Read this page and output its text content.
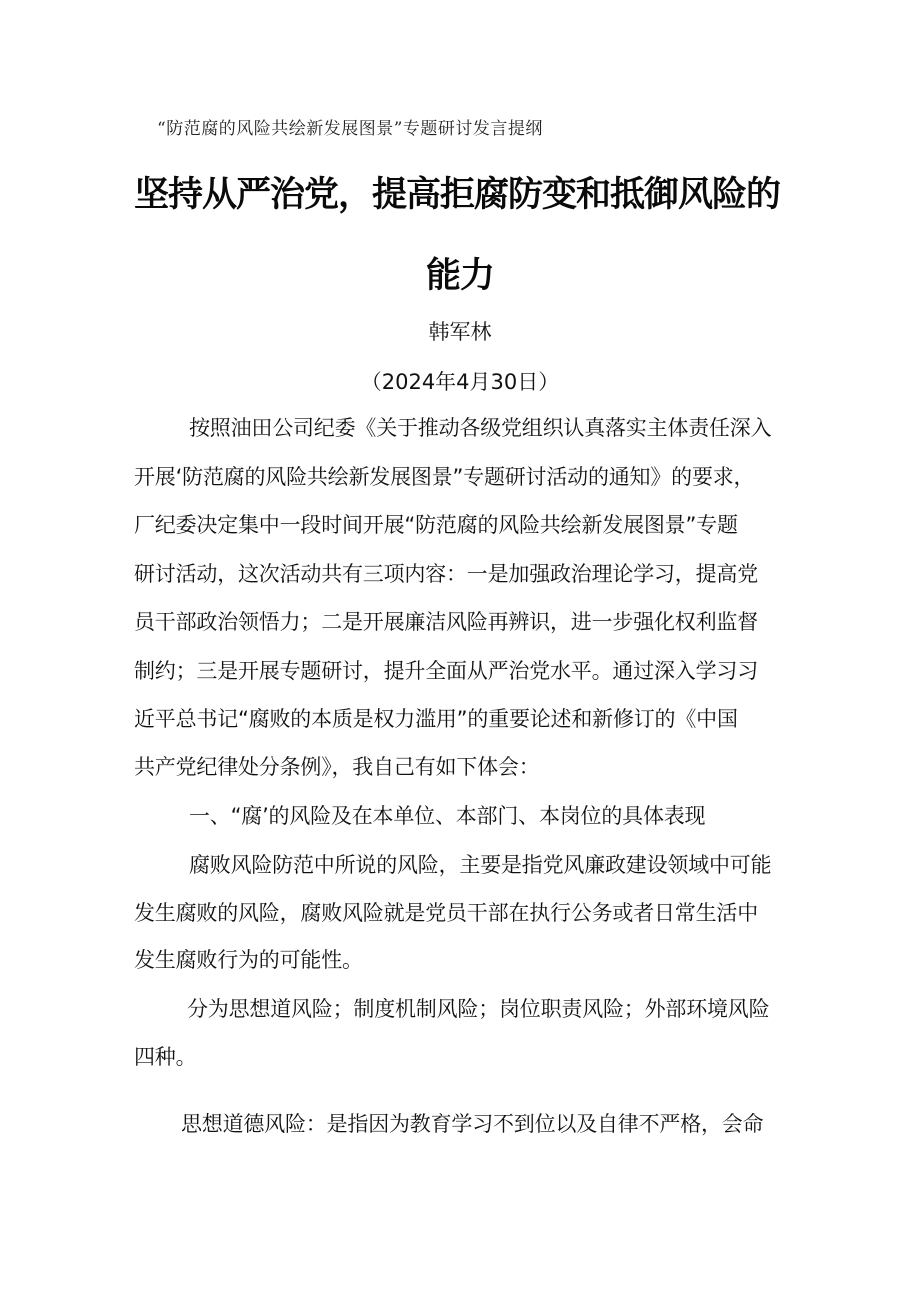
“防范腐的风险共绘新发展图景”专题研讨发言提纲
坚持从严治党，提高拒腐防变和抵御风险的
能力
韩军林
（2024年4月30日）
按照油田公司纪委《关于推动各级党组织认真落实主体责任深入
开展‘防范腐的风险共绘新发展图景”专题研讨活动的通知》的要求，
厂纪委决定集中一段时间开展“防范腐的风险共绘新发展图景”专题
研讨活动，这次活动共有三项内容：一是加强政治理论学习，提高党
员干部政治领悟力；二是开展廉洁风险再辨识，进一步强化权利监督
制约；三是开展专题研讨，提升全面从严治党水平。通过深入学习习
近平总书记“腐败的本质是权力滥用”的重要论述和新修订的《中国
共产党纪律处分条例》，我自己有如下体会：
一、“腐’的风险及在本单位、本部门、本岗位的具体表现
腐败风险防范中所说的风险，主要是指党风廉政建设领域中可能
发生腐败的风险，腐败风险就是党员干部在执行公务或者日常生活中
发生腐败行为的可能性。
分为思想道风险；制度机制风险；岗位职责风险；外部环境风险
四种。
思想道德风险：是指因为教育学习不到位以及自律不严格，会命
